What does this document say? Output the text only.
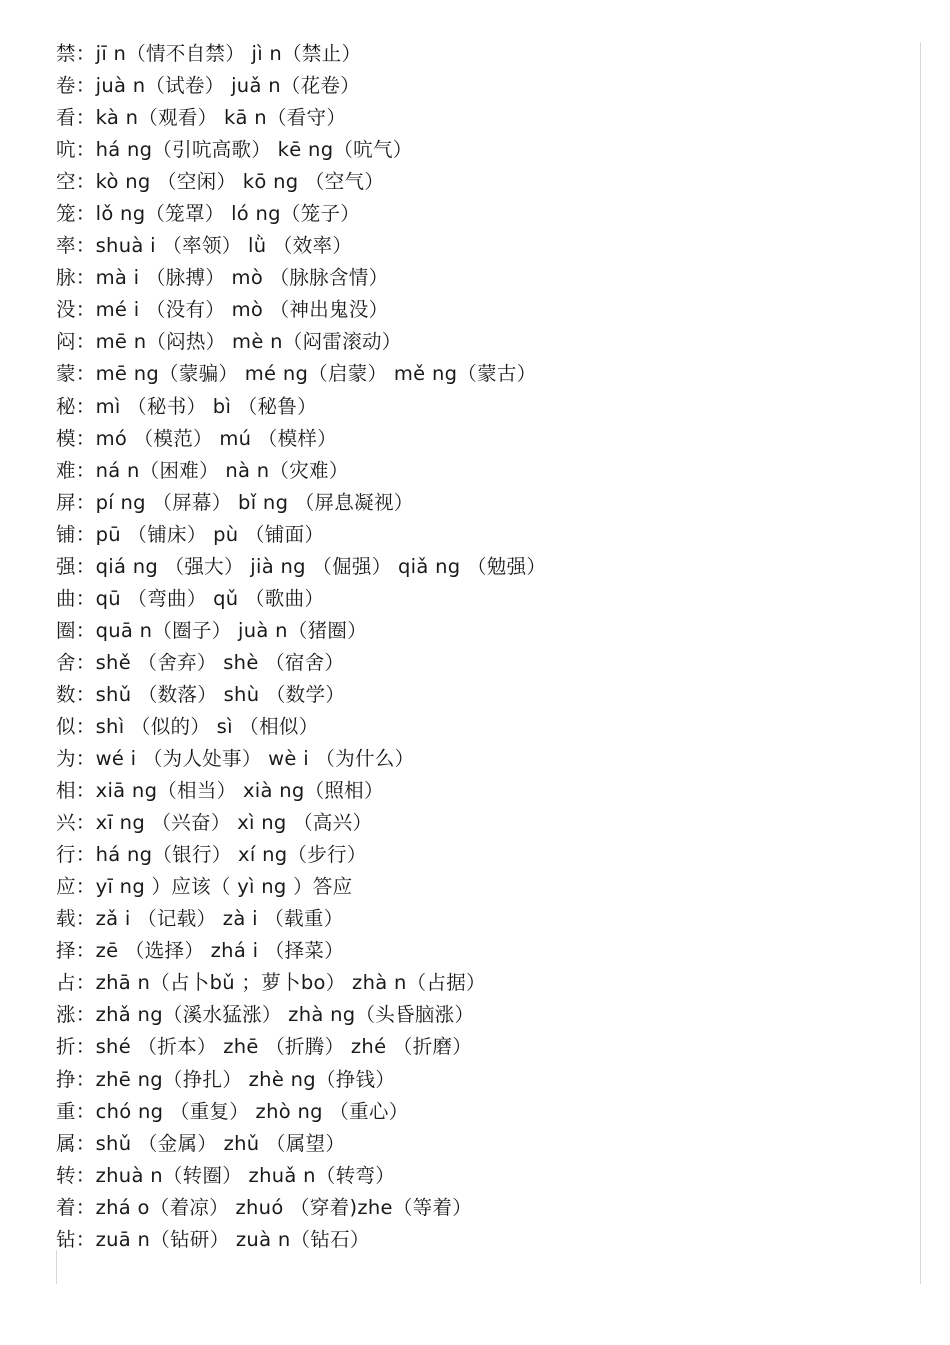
禁：jī n（情不自禁） jì n（禁止）
卷：juà n（试卷） juǎ n（花卷）
看：kà n（观看） kā n（看守）
吭：há ng（引吭高歌） kē ng（吭气）
空：kò ng （空闲） kō ng （空气）
笼：lǒ ng（笼罩） ló ng（笼子）
率：shuà i （率领） lǜ （效率）
脉：mà i （脉搏） mò （脉脉含情）
没：mé i （没有） mò （神出鬼没）
闷：mē n（闷热） mè n（闷雷滚动）
蒙：mē ng（蒙骗） mé ng（启蒙） mě ng（蒙古）
秘：mì （秘书） bì （秘鲁）
模：mó （模范） mú （模样）
难：ná n（困难） nà n（灾难）
屏：pí ng （屏幕） bǐ ng （屏息凝视）
铺：pū （铺床） pù （铺面）
强：qiá ng （强大） jià ng （倔强） qiǎ ng （勉强）
曲：qū （弯曲） qǔ （歌曲）
圈：quā n（圈子） juà n（猪圈）
舍：shě （舍弃） shè （宿舍）
数：shǔ （数落） shù （数学）
似：shì （似的） sì （相似）
为：wé i （为人处事） wè i （为什么）
相：xiā ng（相当） xià ng（照相）
兴：xī ng （兴奋） xì ng （高兴）
行：há ng（银行） xí ng（步行）
应：yī ng ）应该（ yì ng ）答应
载：zǎ i （记载） zà i （载重）
择：zē （选择） zhá i （择菜）
占：zhā n（占卜bǔ ；萝卜bo） zhà n（占据）
涨：zhǎ ng（溪水猛涨） zhà ng（头昏脑涨）
折：shé （折本） zhē （折腾） zhé （折磨）
挣：zhē ng（挣扎） zhè ng（挣钱）
重：chó ng （重复） zhò ng （重心）
属：shǔ （金属） zhǔ （属望）
转：zhuà n（转圈） zhuǎ n（转弯）
着：zhá o（着凉） zhuó （穿着)zhe（等着）
钻：zuā n（钻研） zuà n（钻石）
